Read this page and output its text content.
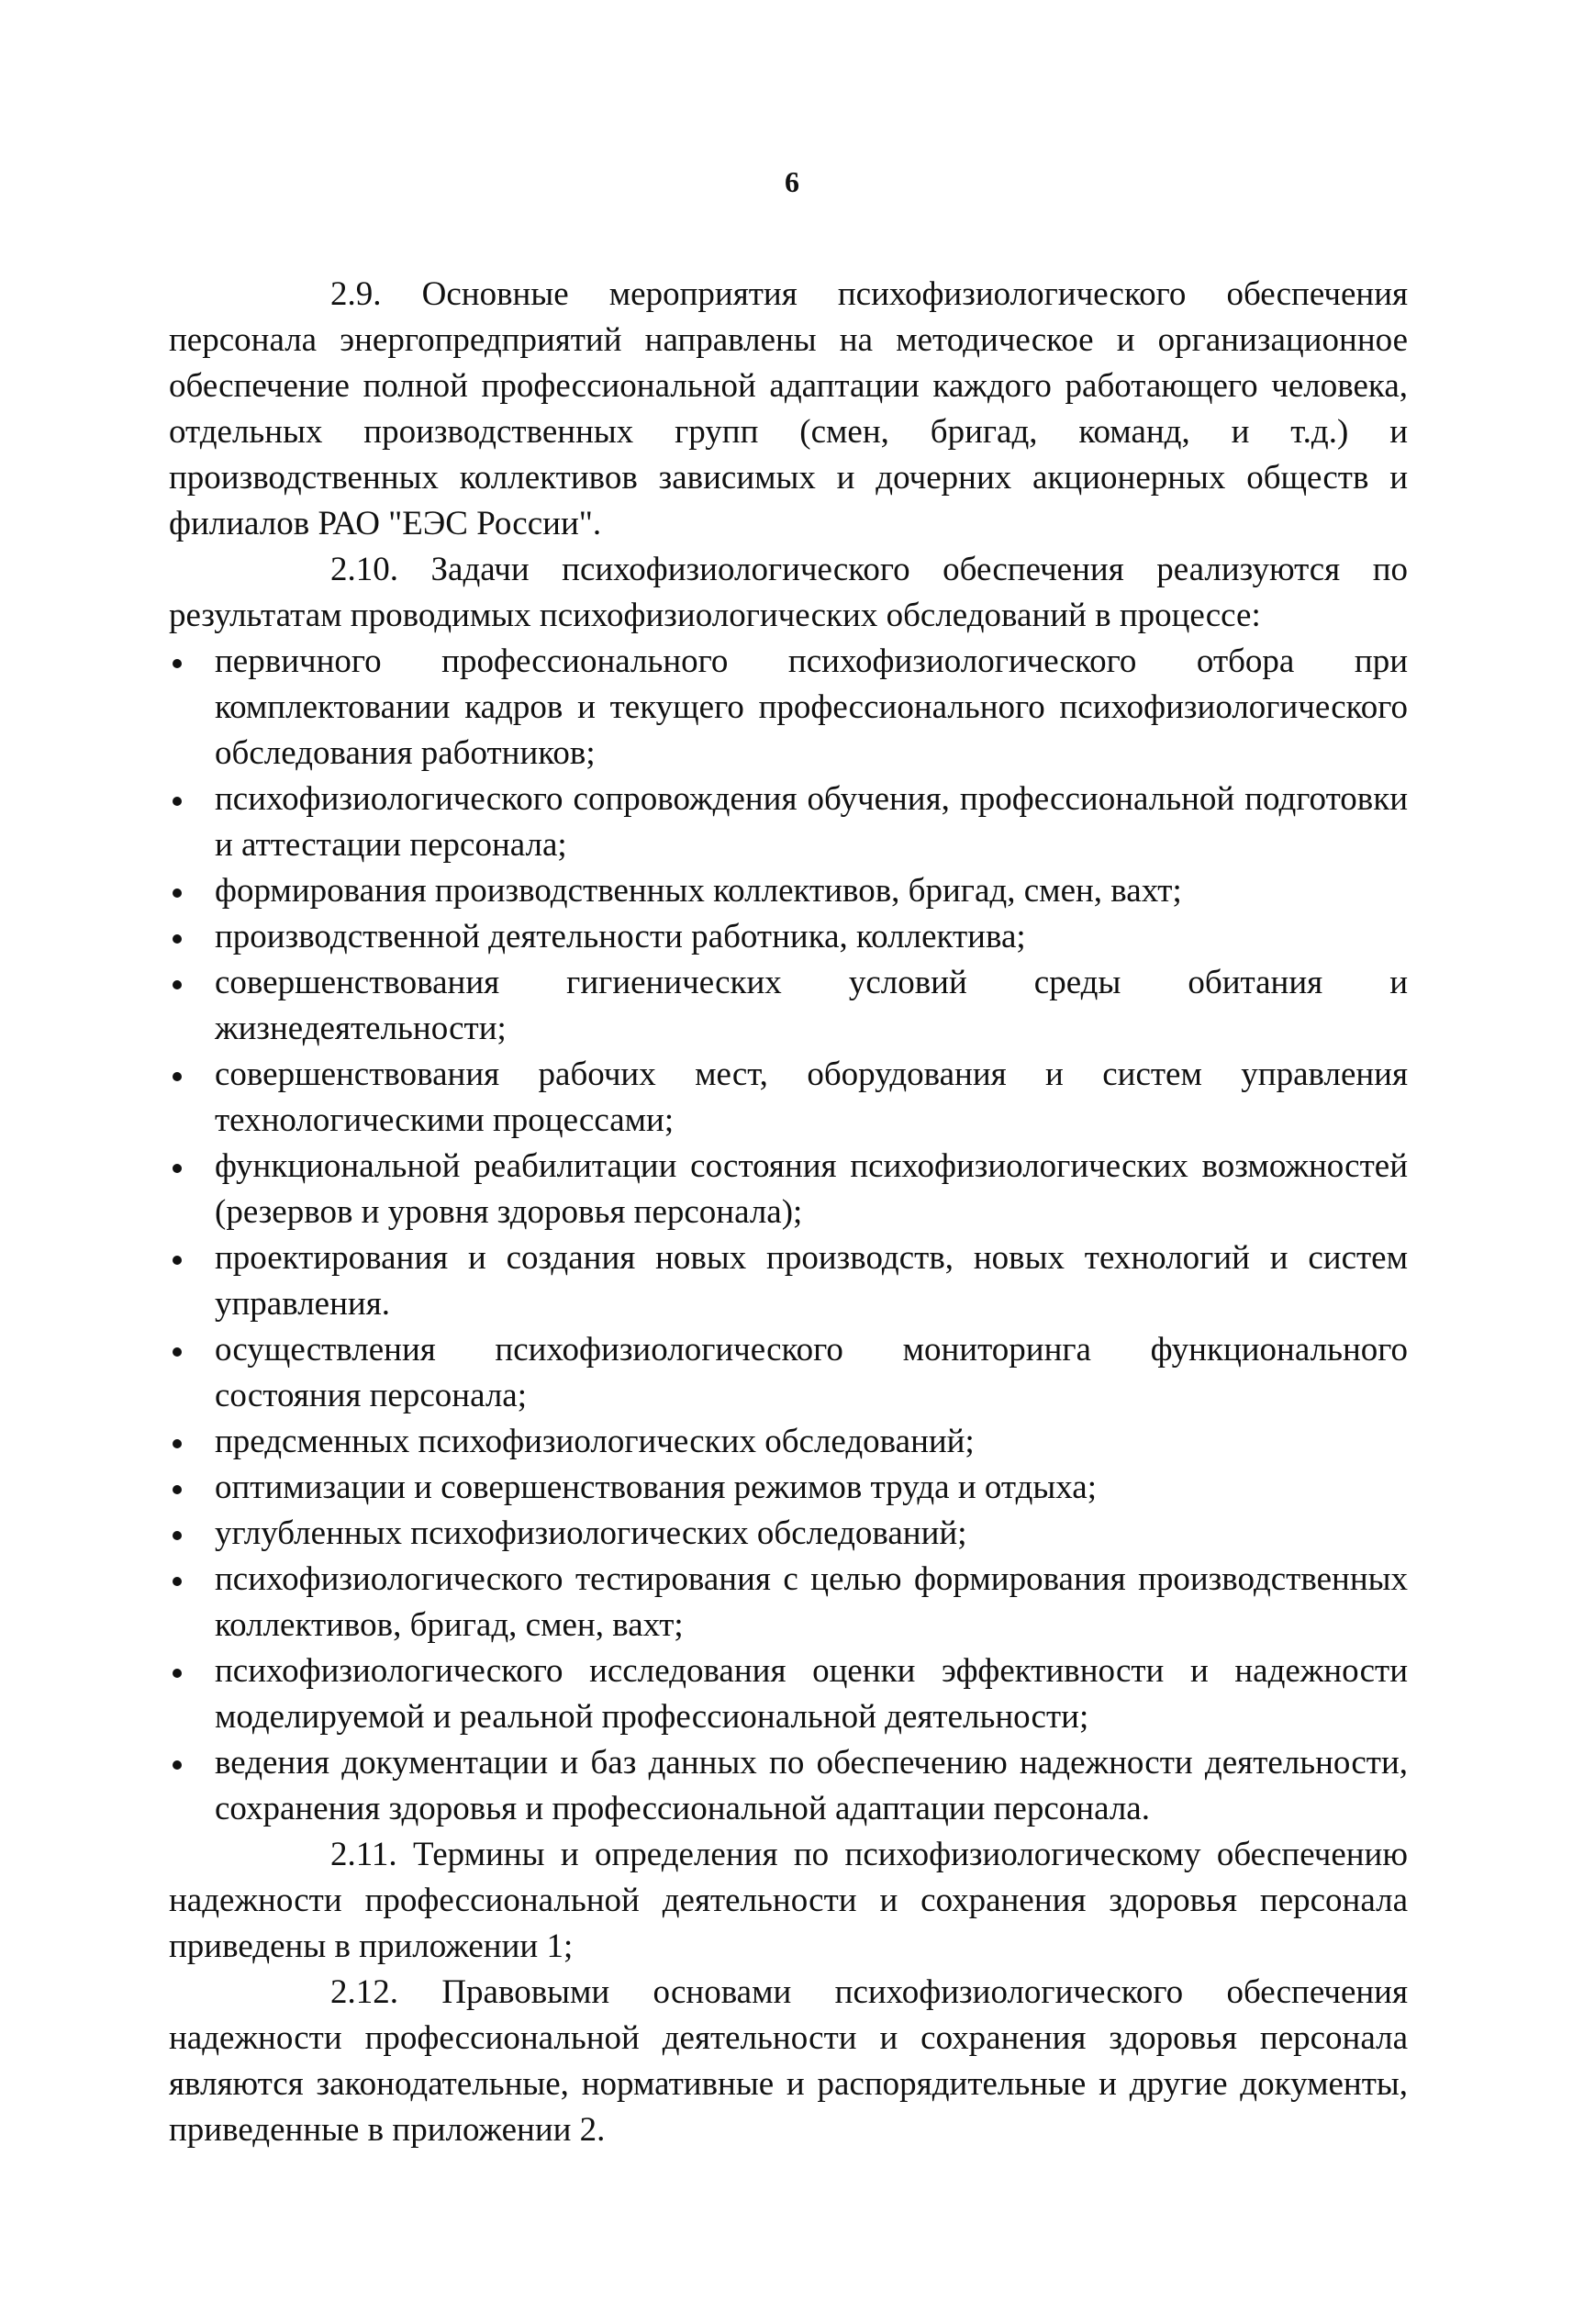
6

2.9. Основные мероприятия психофизиологического обеспечения персонала энергопредприятий направлены на методическое и организационное обеспечение полной профессиональной адаптации каждого работающего человека, отдельных производственных групп (смен, бригад, команд, и т.д.) и производственных коллективов зависимых и дочерних акционерных обществ и филиалов РАО "ЕЭС России".

2.10. Задачи психофизиологического обеспечения реализуются по результатам проводимых психофизиологических обследований в процессе:

первичного профессионального психофизиологического отбора при комплектовании кадров и текущего профессионального психофизиологического обследования работников;
психофизиологического сопровождения обучения, профессиональной подготовки и аттестации персонала;
формирования производственных коллективов, бригад, смен, вахт;
производственной деятельности работника, коллектива;
совершенствования гигиенических условий среды обитания и жизнедеятельности;
совершенствования рабочих мест, оборудования и систем управления технологическими процессами;
функциональной реабилитации состояния психофизиологических возможностей (резервов и уровня здоровья персонала);
проектирования и создания новых производств, новых технологий и систем управления.
осуществления психофизиологического мониторинга функционального состояния персонала;
предсменных психофизиологических обследований;
оптимизации и совершенствования режимов труда и отдыха;
углубленных психофизиологических обследований;
психофизиологического тестирования с целью формирования производственных коллективов, бригад, смен, вахт;
психофизиологического исследования оценки эффективности и надежности моделируемой и реальной профессиональной деятельности;
ведения документации и баз данных по обеспечению надежности деятельности, сохранения здоровья и профессиональной адаптации персонала.

2.11. Термины и определения по психофизиологическому обеспечению надежности профессиональной деятельности и сохранения здоровья персонала приведены в приложении 1;

2.12. Правовыми основами психофизиологического обеспечения надежности профессиональной деятельности и сохранения здоровья персонала являются законодательные, нормативные и распорядительные и другие документы, приведенные в приложении 2.
